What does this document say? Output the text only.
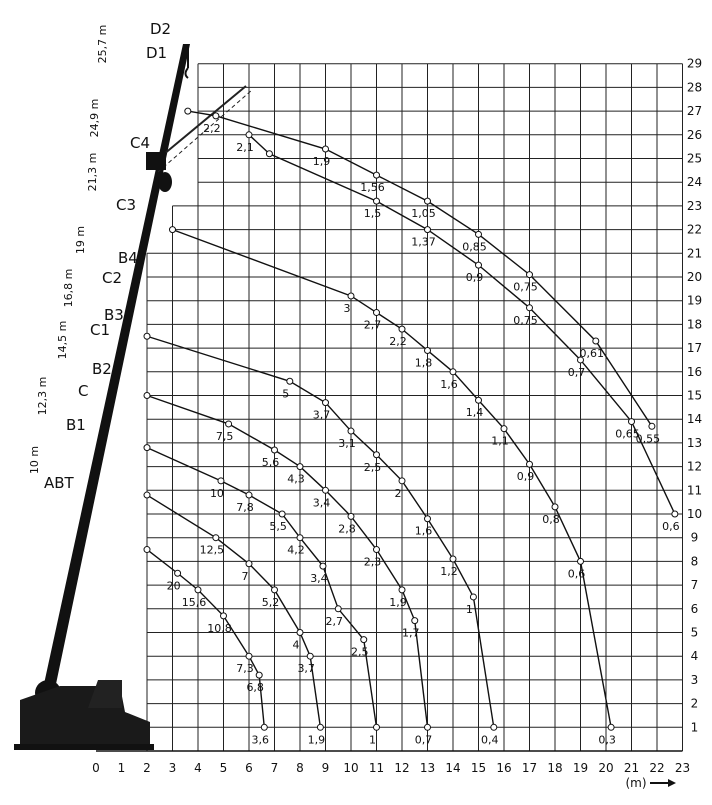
ABT
10 m
B1
C
12,3 m
B2
C1
14,5 m
B3
C2
16,8 m
B4
C3
19 m
C4
21,3 m
D1
24,9 m
D2
25,7 m
20
15,6
10,8
7,3
6,8
3,6
12,5
7
5,2
4
3,7
1,9
10
7,8
5,5
4,2
3,4
2,7
2,5
1
7,5
5,6
4,3
3,4
2,8
2,3
1,9
1,7
0,7
5
3,7
3,1
2,5
2
1,6
1,2
1
0,4
3
2,7
2,2
1,8
1,6
1,4
1,1
0,9
0,8
0,6
0,3
2,1
1,5
1,37
0,9
0,75
0,7
0,65
0,6
2,2
1,9
1,56
1,05
0,85
0,75
0,61
0,55
0 1 2 3 4 5 6 7 8 9 10 11 12 13 14 15 16 17 18 19 20 21 22 23
1
2
3
4
5
6
7
8
9
10
11
12
13
14
15
16
17
18
19
20
21
22
23
24
25
26
27
28
29
(m)
